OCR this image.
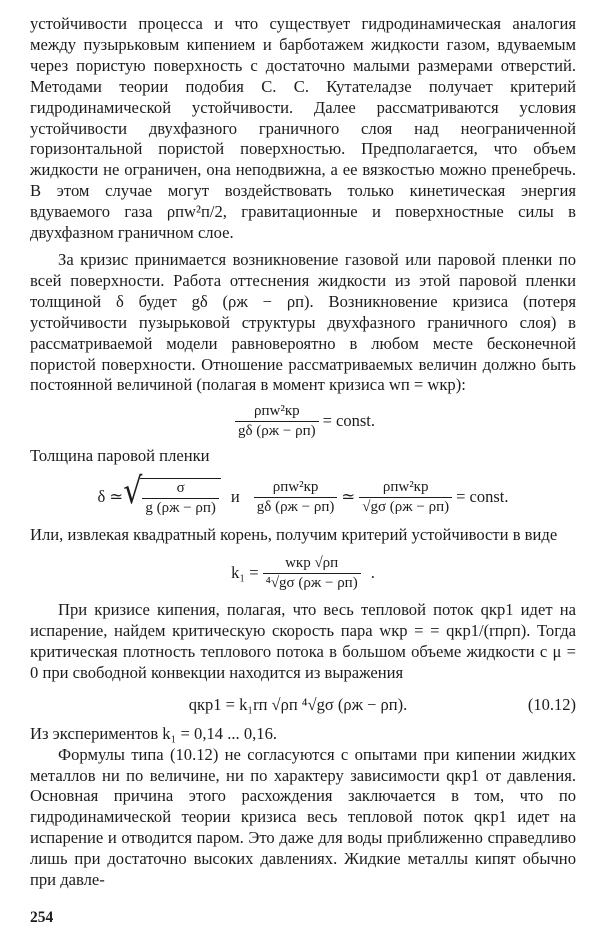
устойчивости процесса и что существует гидродинамическая аналогия между пузырьковым кипением и барботажем жидкости газом, вдуваемым через пористую поверхность с достаточно малыми размерами отверстий. Методами теории подобия С. С. Кутателадзе получает критерий гидродинамической устойчивости. Далее рассматриваются условия устойчивости двухфазного граничного слоя над неограниченной горизонтальной пористой поверхностью. Предполагается, что объем жидкости не ограничен, она неподвижна, а ее вязкостью можно пренебречь. В этом случае могут воздействовать только кинетическая энергия вдуваемого газа ρпw²п/2, гравитационные и поверхностные силы в двухфазном граничном слое.

За кризис принимается возникновение газовой или паровой пленки по всей поверхности. Работа оттеснения жидкости из этой паровой пленки толщиной δ будет gδ (ρж − ρп). Возникновение кризиса (потеря устойчивости пузырьковой структуры двухфазного граничного слоя) в рассматриваемой модели равновероятно в любом месте бесконечной пористой поверхности. Отношение рассматриваемых величин должно быть постоянной величиной (полагая в момент кризиса wп = wкр):

$\frac{\text{ρпw²кр}}{g\delta (\rho ж - \rho п)}$ = const.

Толщина паровой пленки

δ ≃ √ $\frac{\sigma}{g (\rho ж - \rho п)}$ и $\frac{\text{ρпw²кр}}{g\delta (\rho ж - \rho п)}$ ≃ $\frac{\text{ρпw²кр}}{√g\sigma (\rho ж - \rho п)}$ = const.

Или, извлекая квадратный корень, получим критерий устойчивости в виде

$k_1 = \frac{\text{wкр √ρп}}{\text{⁴√gσ (ρж − ρп)}}$ .

При кризисе кипения, полагая, что весь тепловой поток qкр1 идет на испарение, найдем критическую скорость пара wкр = = qкр1/(rпρп). Тогда критическая плотность теплового потока в большом объеме жидкости с μ = 0 при свободной конвекции находится из выражения

qкр1 = k₁rп √ρп ⁴√gσ (ρж − ρп).	(10.12)

Из экспериментов k₁ = 0,14 ... 0,16.

Формулы типа (10.12) не согласуются с опытами при кипении жидких металлов ни по величине, ни по характеру зависимости qкр1 от давления. Основная причина этого расхождения заключается в том, что по гидродинамической теории кризиса весь тепловой поток qкр1 идет на испарение и отводится паром. Это даже для воды приближенно справедливо лишь при достаточно высоких давлениях. Жидкие металлы кипят обычно при давле-

254
